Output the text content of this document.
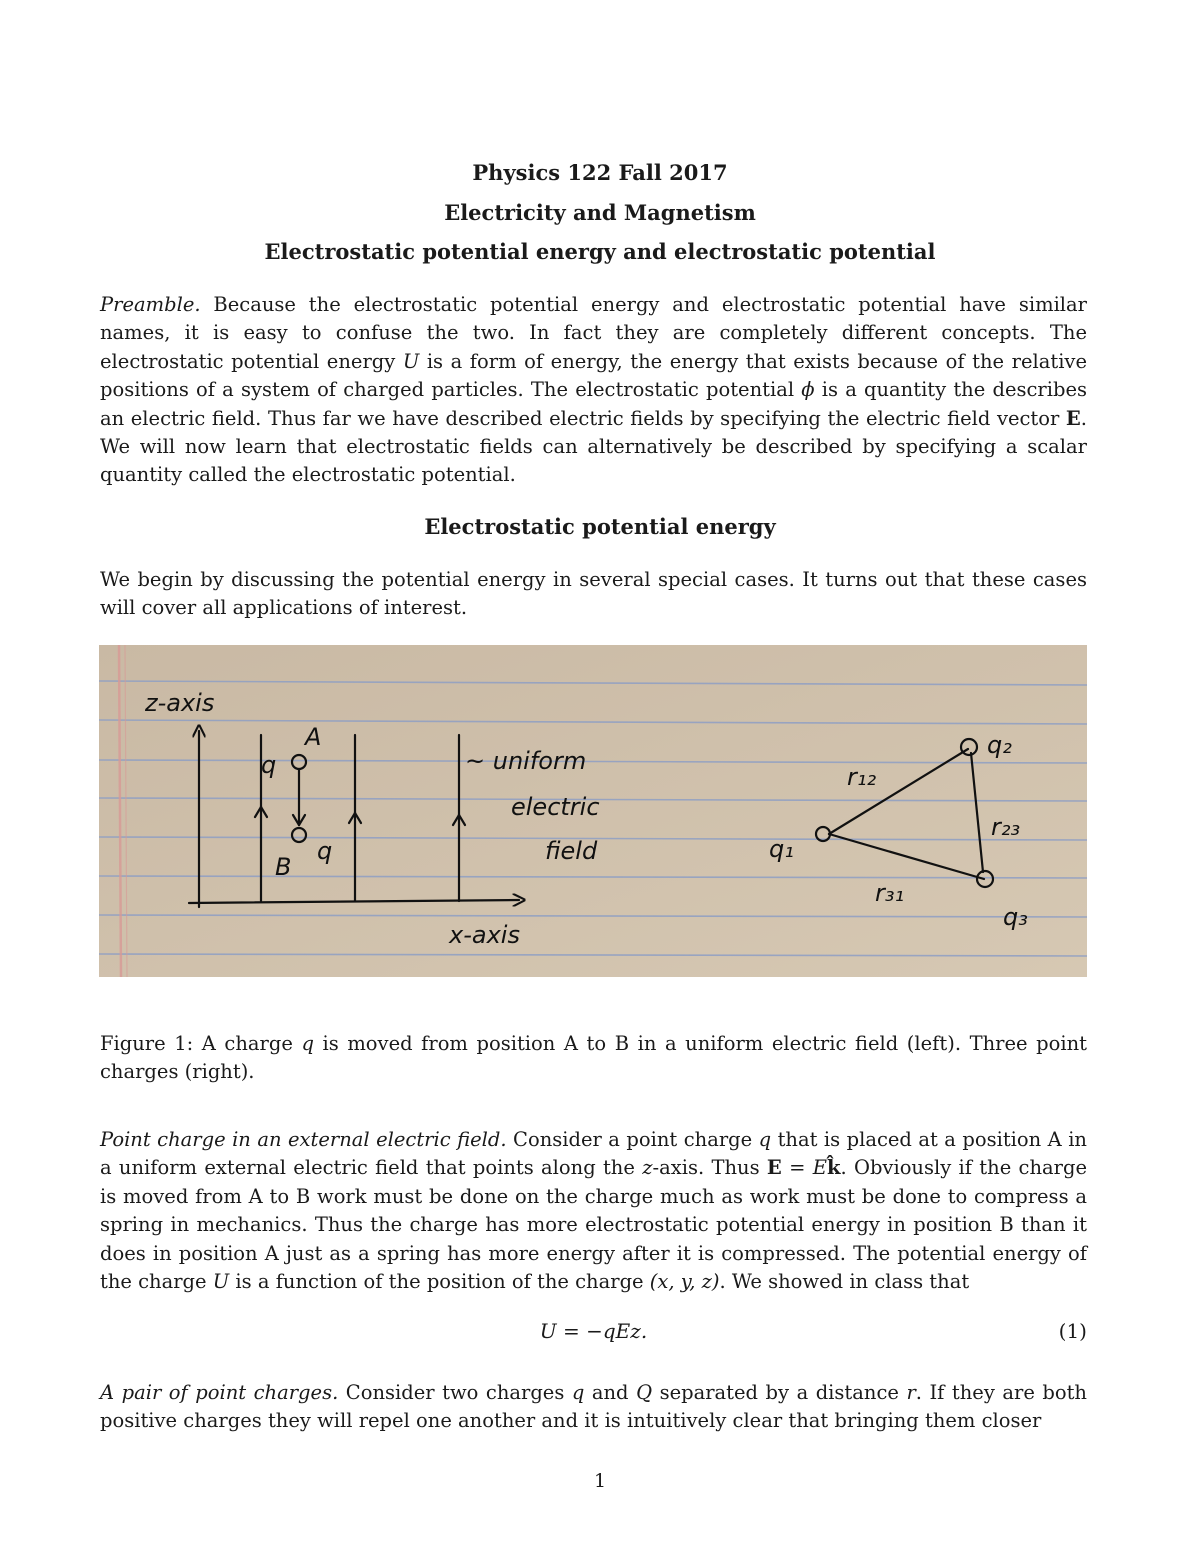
Physics 122 Fall 2017
Electricity and Magnetism
Electrostatic potential energy and electrostatic potential
Preamble. Because the electrostatic potential energy and electrostatic potential have similar names, it is easy to confuse the two. In fact they are completely different concepts. The electrostatic potential energy U is a form of energy, the energy that exists because of the relative positions of a system of charged particles. The electrostatic potential ϕ is a quantity the describes an electric field. Thus far we have described electric fields by specifying the electric field vector E. We will now learn that electrostatic fields can alternatively be described by specifying a scalar quantity called the electrostatic potential.
Electrostatic potential energy
We begin by discussing the potential energy in several special cases. It turns out that these cases will cover all applications of interest.
z-axis
x-axis
A
B
q
q
~ uniform
electric
field	q₁
q₂
q₃
r₁₂
r₂₃
r₃₁
Figure 1: A charge q is moved from position A to B in a uniform electric field (left). Three point charges (right).
Point charge in an external electric field. Consider a point charge q that is placed at a position A in a uniform external electric field that points along the z-axis. Thus E = Ek̂. Obviously if the charge is moved from A to B work must be done on the charge much as work must be done to compress a spring in mechanics. Thus the charge has more electrostatic potential energy in position B than it does in position A just as a spring has more energy after it is compressed. The potential energy of the charge U is a function of the position of the charge (x, y, z). We showed in class that
U = −qEz.	(1)
A pair of point charges. Consider two charges q and Q separated by a distance r. If they are both positive charges they will repel one another and it is intuitively clear that bringing them closer
1
